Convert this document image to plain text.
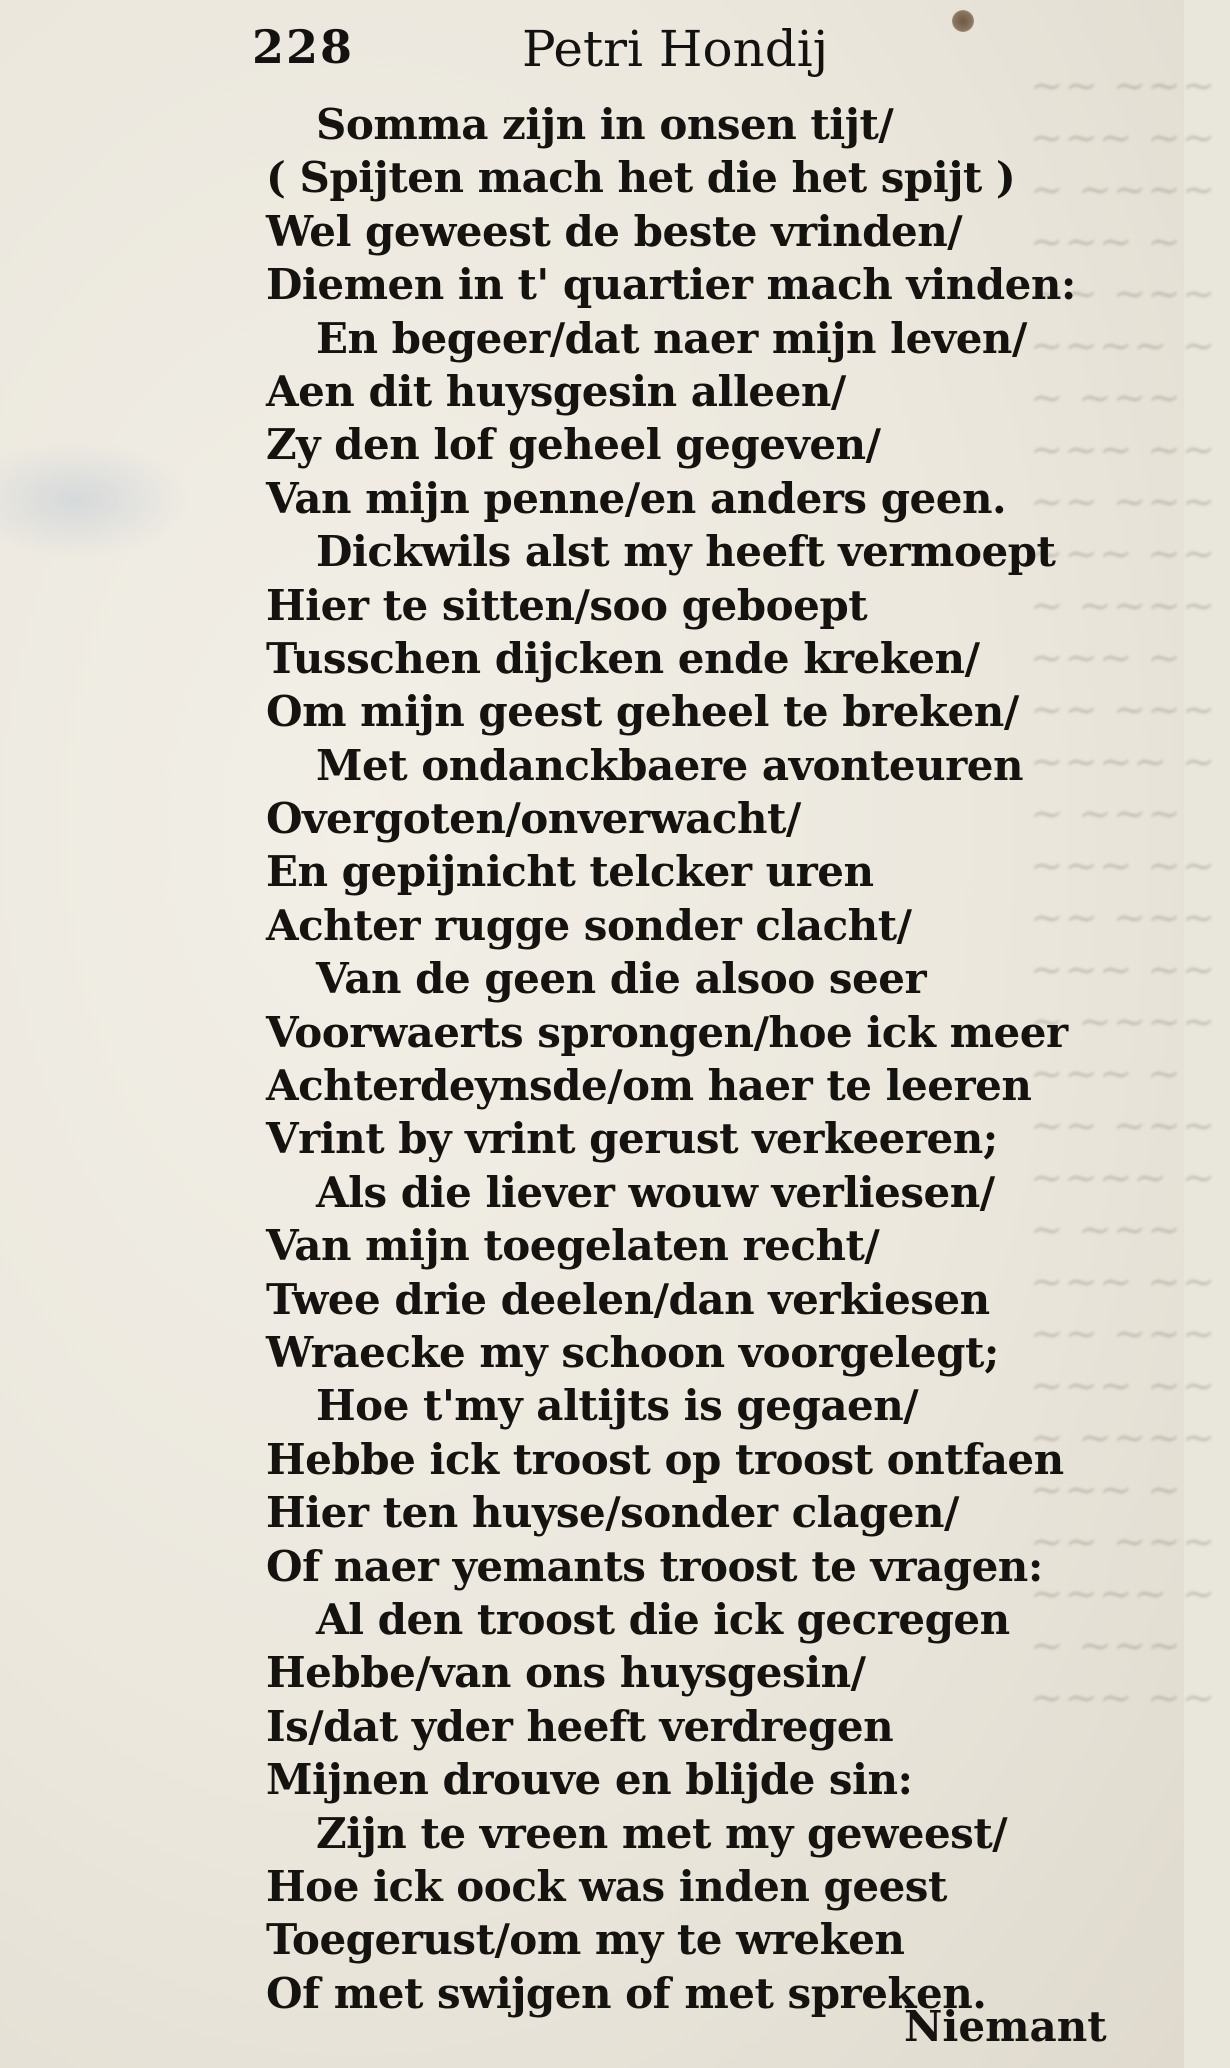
~~ ~~~
~~~ ~~
~ ~~~~
~~~ ~
~~ ~~~
~~~~ ~
~ ~~~
~~~ ~~
~~ ~~~
~~~ ~~
~ ~~~~
~~~ ~
~~ ~~~
~~~~ ~
~ ~~~
~~~ ~~
~~ ~~~
~~~ ~~
~ ~~~~
~~~ ~
~~ ~~~
~~~~ ~
~ ~~~
~~~ ~~
~~ ~~~
~~~ ~~
~ ~~~~
~~~ ~
~~ ~~~
~~~~ ~
~ ~~~
~~~ ~~
228	Petri Hondij
Somma zijn in onsen tijt/
( Spijten mach het die het spijt )
Wel geweest de beste vrinden/
Diemen in t' quartier mach vinden:
En begeer/dat naer mijn leven/
Aen dit huysgesin alleen/
Zy den lof geheel gegeven/
Van mijn penne/en anders geen.
Dickwils alst my heeft vermoept
Hier te sitten/soo geboept
Tusschen dijcken ende kreken/
Om mijn geest geheel te breken/
Met ondanckbaere avonteuren
Overgoten/onverwacht/
En gepijnicht telcker uren
Achter rugge sonder clacht/
Van de geen die alsoo seer
Voorwaerts sprongen/hoe ick meer
Achterdeynsde/om haer te leeren
Vrint by vrint gerust verkeeren;
Als die liever wouw verliesen/
Van mijn toegelaten recht/
Twee drie deelen/dan verkiesen
Wraecke my schoon voorgelegt;
Hoe t'my altijts is gegaen/
Hebbe ick troost op troost ontfaen
Hier ten huyse/sonder clagen/
Of naer yemants troost te vragen:
Al den troost die ick gecregen
Hebbe/van ons huysgesin/
Is/dat yder heeft verdregen
Mijnen drouve en blijde sin:
Zijn te vreen met my geweest/
Hoe ick oock was inden geest
Toegerust/om my te wreken
Of met swijgen of met spreken.
Niemant
